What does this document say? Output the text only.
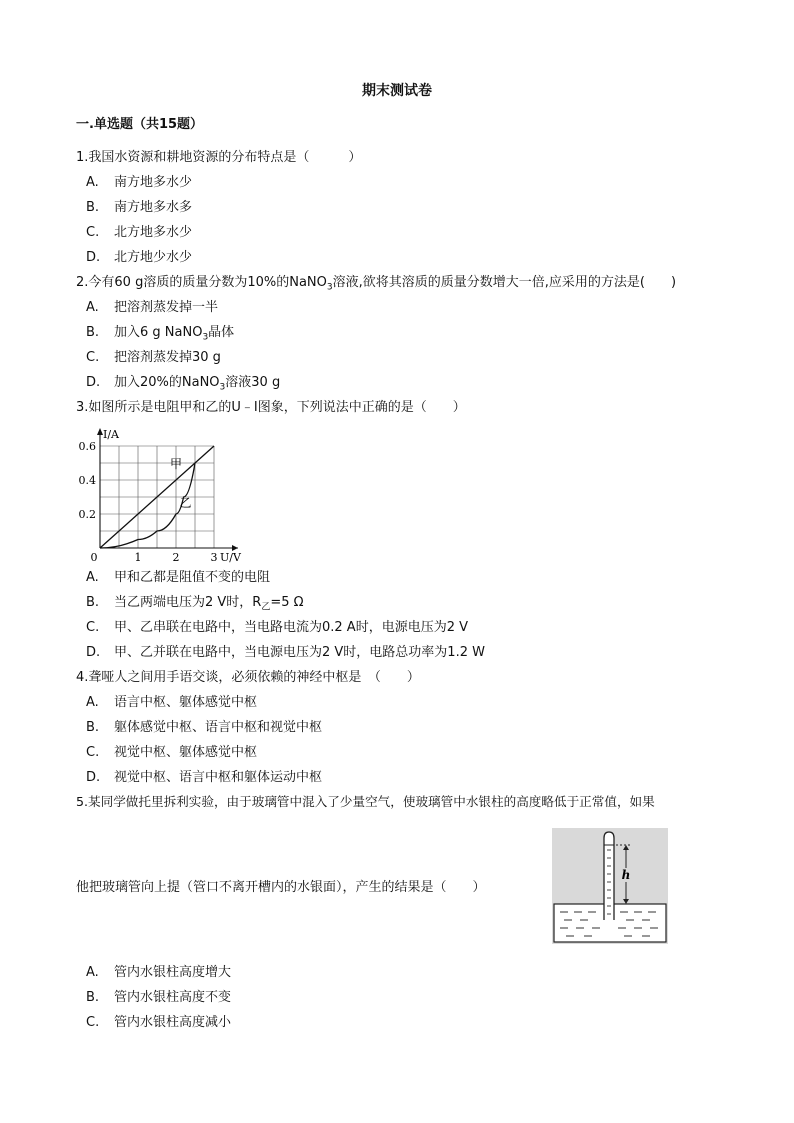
期末测试卷
一.单选题（共15题）
1.我国水资源和耕地资源的分布特点是（　　　）
A. 南方地多水少
B. 南方地多水多
C. 北方地多水少
D. 北方地少水少
2.今有60 g溶质的质量分数为10%的NaNO$_3$溶液,欲将其溶质的质量分数增大一倍,应采用的方法是(　　)
A. 把溶剂蒸发掉一半
B. 加入6 g NaNO$_3$晶体
C. 把溶剂蒸发掉30 g
D. 加入20%的NaNO$_3$溶液30 g
3.如图所示是电阻甲和乙的U﹣I图象，下列说法中正确的是（　　）
1	2	3
0.2
0.4
0.6
甲
乙
I/A
U/V
0
A. 甲和乙都是阻值不变的电阻
B. 当乙两端电压为2 V时，$R_乙=5$ Ω
C. 甲、乙串联在电路中，当电路电流为0.2 A时，电源电压为2 V
D. 甲、乙并联在电路中，当电源电压为2 V时，电路总功率为1.2 W
4.聋哑人之间用手语交谈，必须依赖的神经中枢是　（　　）
A. 语言中枢、躯体感觉中枢
B. 躯体感觉中枢、语言中枢和视觉中枢
C. 视觉中枢、躯体感觉中枢
D. 视觉中枢、语言中枢和躯体运动中枢
5.某同学做托里拆利实验，由于玻璃管中混入了少量空气，使玻璃管中水银柱的高度略低于正常值，如果
他把玻璃管向上提（管口不离开槽内的水银面），产生的结果是（　　）
h
A. 管内水银柱高度增大
B. 管内水银柱高度不变
C. 管内水银柱高度减小
